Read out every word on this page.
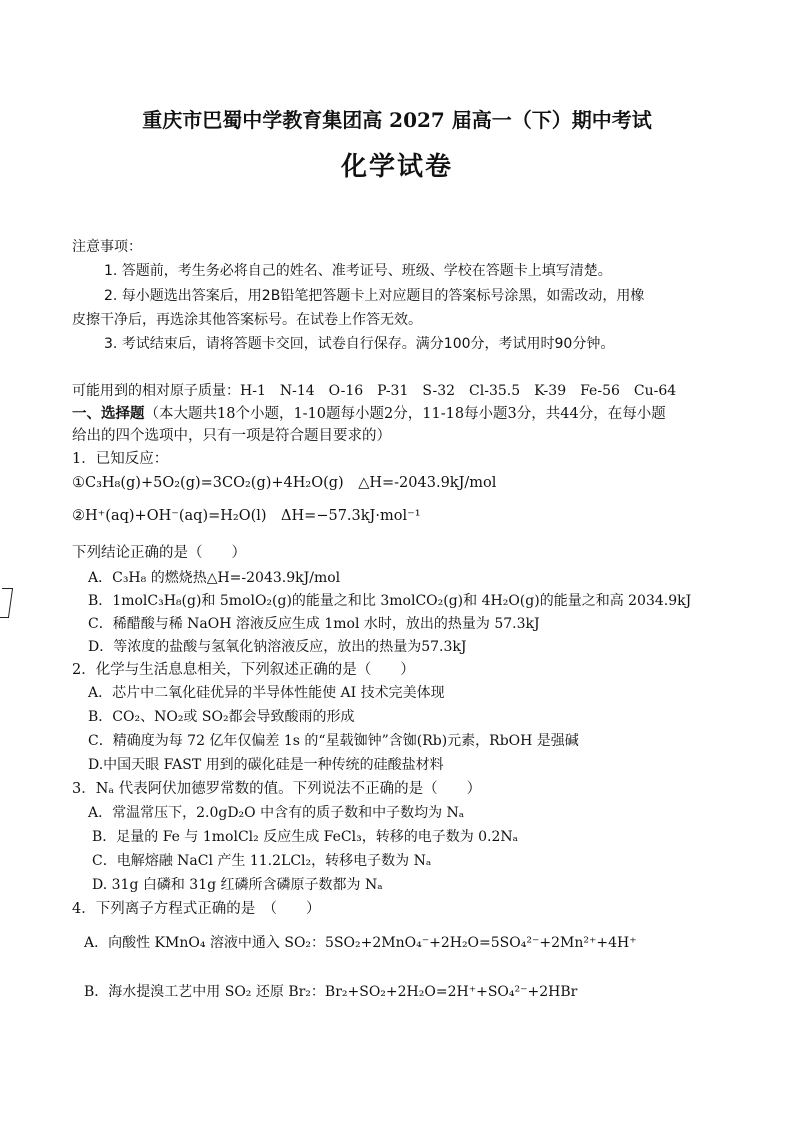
重庆市巴蜀中学教育集团高 2027 届高一（下）期中考试
化学试卷
注意事项：
1. 答题前，考生务必将自己的姓名、准考证号、班级、学校在答题卡上填写清楚。
2. 每小题选出答案后，用2B铅笔把答题卡上对应题目的答案标号涂黑，如需改动，用橡
皮擦干净后，再选涂其他答案标号。在试卷上作答无效。
3. 考试结束后，请将答题卡交回，试卷自行保存。满分100分，考试用时90分钟。
可能用到的相对原子质量：H-1　N-14　O-16　P-31　S-32　Cl-35.5　K-39　Fe-56　Cu-64
一、选择题（本大题共18个小题，1-10题每小题2分，11-18每小题3分，共44分，在每小题
给出的四个选项中，只有一项是符合题目要求的）
1．已知反应：
①C₃H₈(g)+5O₂(g)=3CO₂(g)+4H₂O(g)　△H=-2043.9kJ/mol
②H⁺(aq)+OH⁻(aq)=H₂O(l)　ΔH=−57.3kJ·mol⁻¹
下列结论正确的是（　　）
A．C₃H₈ 的燃烧热△H=-2043.9kJ/mol
B．1molC₃H₈(g)和 5molO₂(g)的能量之和比 3molCO₂(g)和 4H₂O(g)的能量之和高 2034.9kJ
C．稀醋酸与稀 NaOH 溶液反应生成 1mol 水时，放出的热量为 57.3kJ
D．等浓度的盐酸与氢氧化钠溶液反应，放出的热量为57.3kJ
2．化学与生活息息相关，下列叙述正确的是（　　）
A．芯片中二氧化硅优异的半导体性能使 AI 技术完美体现
B．CO₂、NO₂或 SO₂都会导致酸雨的形成
C．精确度为每 72 亿年仅偏差 1s 的“星载铷钟”含铷(Rb)元素，RbOH 是强碱
D.中国天眼 FAST 用到的碳化硅是一种传统的硅酸盐材料
3．Nₐ 代表阿伏加德罗常数的值。下列说法不正确的是（　　）
A．常温常压下，2.0gD₂O 中含有的质子数和中子数均为 Nₐ
B．足量的 Fe 与 1molCl₂ 反应生成 FeCl₃，转移的电子数为 0.2Nₐ
C．电解熔融 NaCl 产生 11.2LCl₂，转移电子数为 Nₐ
D. 31g 白磷和 31g 红磷所含磷原子数都为 Nₐ
4．下列离子方程式正确的是　（　　）
A．向酸性 KMnO₄ 溶液中通入 SO₂：5SO₂+2MnO₄⁻+2H₂O=5SO₄²⁻+2Mn²⁺+4H⁺
B．海水提溴工艺中用 SO₂ 还原 Br₂：Br₂+SO₂+2H₂O=2H⁺+SO₄²⁻+2HBr
